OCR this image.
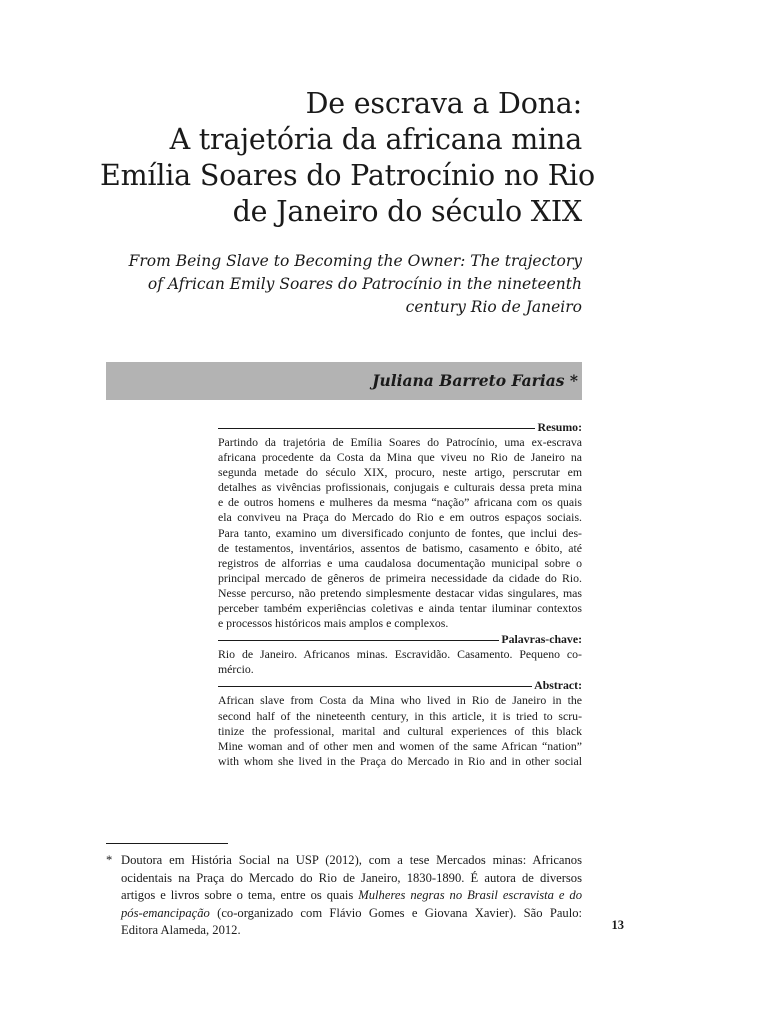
De escrava a Dona:
A trajetória da africana mina
Emília Soares do Patrocínio no Rio
de Janeiro do século XIX
From Being Slave to Becoming the Owner: The trajectory
of African Emily Soares do Patrocínio in the nineteenth
century Rio de Janeiro
Juliana Barreto Farias *
Resumo:
Partindo da trajetória de Emília Soares do Patrocínio, uma ex-escrava
africana procedente da Costa da Mina que viveu no Rio de Janeiro na
segunda metade do século XIX, procuro, neste artigo, perscrutar em
detalhes as vivências profissionais, conjugais e culturais dessa preta mina
e de outros homens e mulheres da mesma “nação” africana com os quais
ela conviveu na Praça do Mercado do Rio e em outros espaços sociais.
Para tanto, examino um diversificado conjunto de fontes, que inclui des-
de testamentos, inventários, assentos de batismo, casamento e óbito, até
registros de alforrias e uma caudalosa documentação municipal sobre o
principal mercado de gêneros de primeira necessidade da cidade do Rio.
Nesse percurso, não pretendo simplesmente destacar vidas singulares, mas
perceber também experiências coletivas e ainda tentar iluminar contextos
e processos históricos mais amplos e complexos.
Palavras-chave:
Rio de Janeiro. Africanos minas. Escravidão. Casamento. Pequeno co-
mércio.
Abstract:
African slave from Costa da Mina who lived in Rio de Janeiro in the
second half of the nineteenth century, in this article, it is tried to scru-
tinize the professional, marital and cultural experiences of this black
Mine woman and of other men and women of the same African “nation”
with whom she lived in the Praça do Mercado in Rio and in other social
* Doutora em História Social na USP (2012), com a tese Mercados minas: Africanos
ocidentais na Praça do Mercado do Rio de Janeiro, 1830-1890. É autora de diversos
artigos e livros sobre o tema, entre os quais Mulheres negras no Brasil escravista e do
pós-emancipação (co-organizado com Flávio Gomes e Giovana Xavier). São Paulo:
Editora Alameda, 2012.	13
